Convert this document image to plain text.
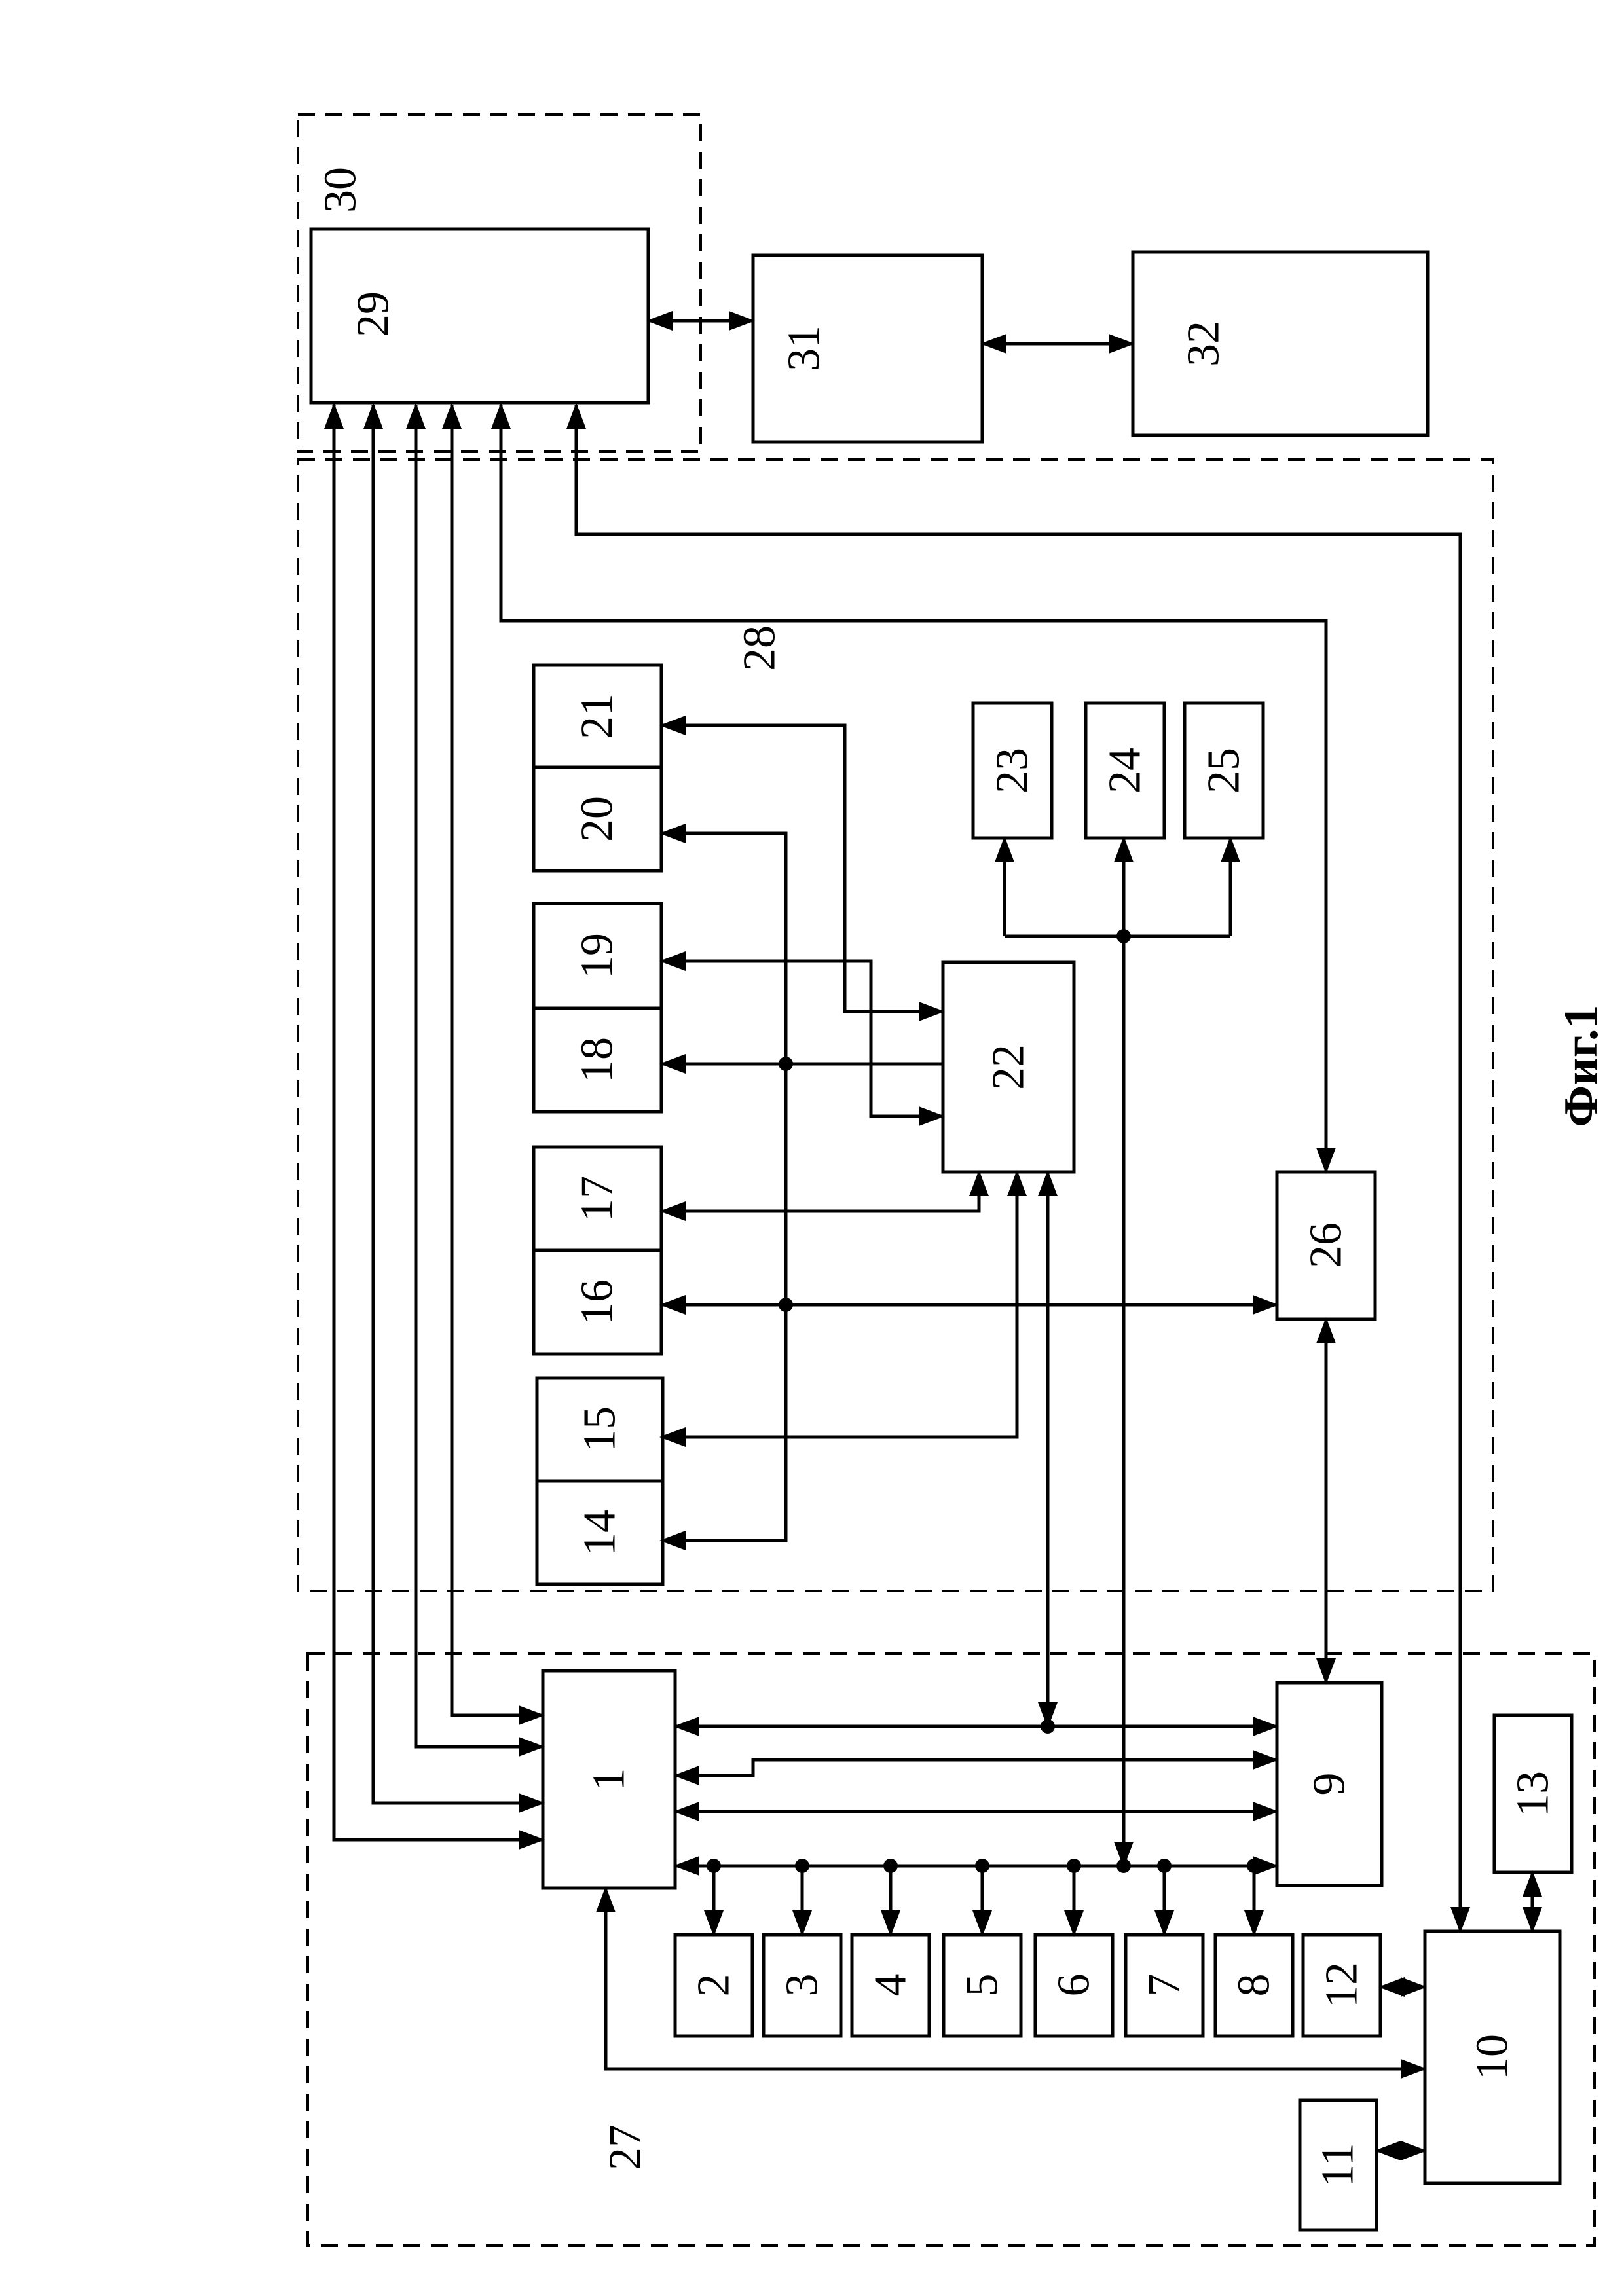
30
28
27
29
31	32
21
20
19
18
17
16
15
14
23 24 25
22
26
1
2 3 4 5 6 7 8 12
9	13
10
11
Фиг.1
